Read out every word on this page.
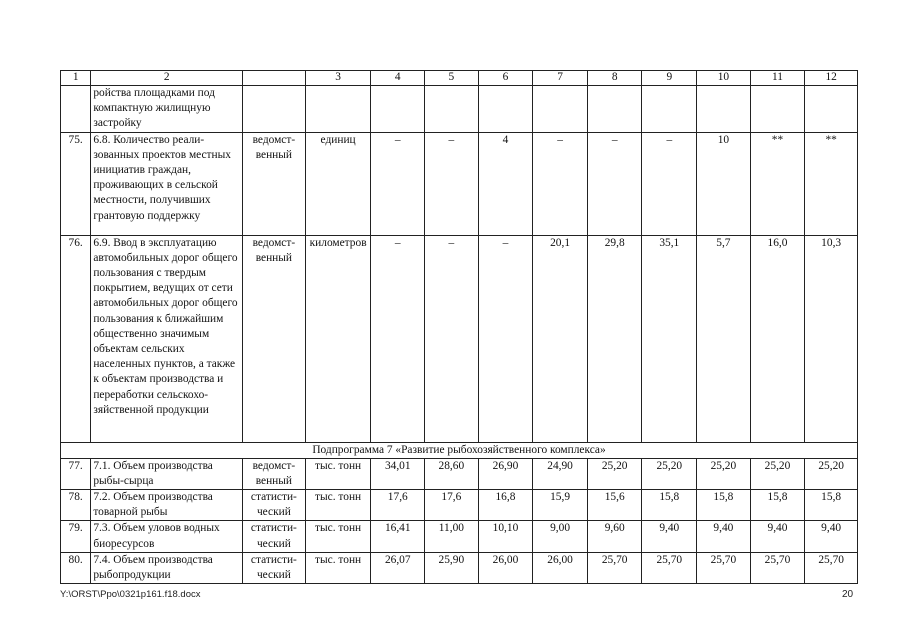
1	2		3	4	5	6	7	8	9	10	11	12
	ройства площадками под компактную жилищную застройку											
75.	6.8. Количество реализованных проектов местных инициатив граждан, проживающих в сельской местности, получивших грантовую поддержку	ведомственный	единиц	–	–	4	–	–	–	10	**	**
76.	6.9. Ввод в эксплуатацию автомобильных дорог общего пользования с твердым покрытием, ведущих от сети автомобильных дорог общего пользования к ближайшим общественно значимым объектам сельских населенных пунктов, а также к объектам производства и переработки сельскохозяйственной продукции	ведомственный	километров	–	–	–	20,1	29,8	35,1	5,7	16,0	10,3
Подпрограмма 7 «Развитие рыбохозяйственного комплекса»												
77.	7.1. Объем производства рыбы-сырца	ведомственный	тыс. тонн	34,01	28,60	26,90	24,90	25,20	25,20	25,20	25,20	25,20
78.	7.2. Объем производства товарной рыбы	статистический	тыс. тонн	17,6	17,6	16,8	15,9	15,6	15,8	15,8	15,8	15,8
79.	7.3. Объем уловов водных биоресурсов	статистический	тыс. тонн	16,41	11,00	10,10	9,00	9,60	9,40	9,40	9,40	9,40
80.	7.4. Объем производства рыбопродукции	статистический	тыс. тонн	26,07	25,90	26,00	26,00	25,70	25,70	25,70	25,70	25,70
Y:\ORST\Ppo\0321p161.f18.docx	20
